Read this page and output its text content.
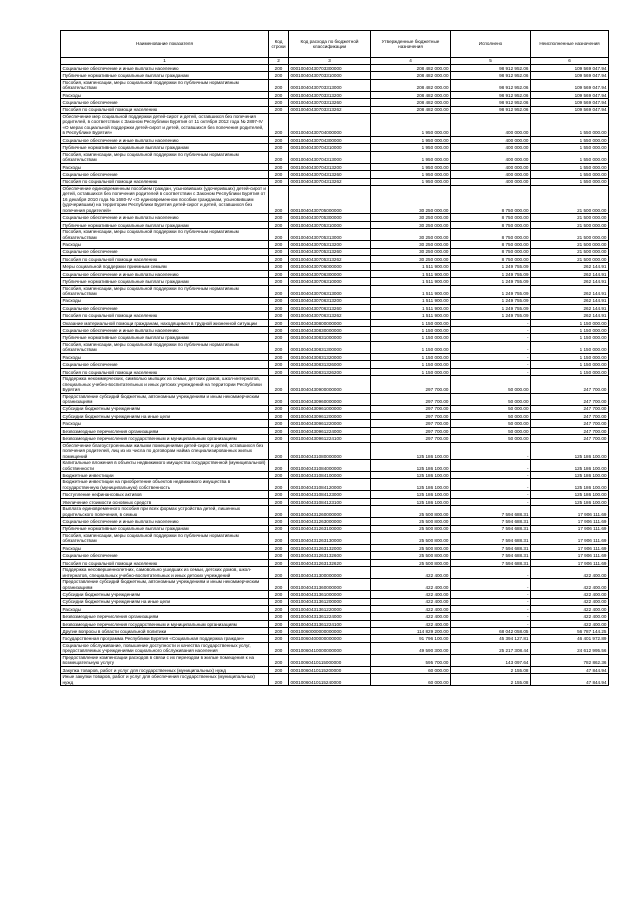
Наименование показателя	Код строки	Код расхода по бюджетной классификации	Утвержденные бюджетные назначения	Исполнено	Неисполненные назначения
1	2	3	4	5	6
Социальное обеспечение и иные выплаты населению	200	00010040430703300000	208 482 000.00	98 912 952.06	109 569 047.94
Публичные нормативные социальные выплаты гражданам	200	00010040430703310000	208 482 000.00	98 912 952.06	109 569 047.94
Пособия, компенсации, меры социальной поддержки по публичным нормативным обязательствам	200	00010040430703313000	208 482 000.00	98 912 952.06	109 569 047.94
Расходы	200	00010040430703313200	208 482 000.00	98 912 952.06	109 569 047.94
Социальное обеспечение	200	00010040430703313260	208 482 000.00	98 912 952.06	109 569 047.94
Пособия по социальной помощи населению	200	00010040430703313262	208 482 000.00	98 912 952.06	109 569 047.94
Обеспечение мер социальной поддержки детей-сирот и детей, оставшихся без попечения родителей, в соответствии с Законом Республики Бурятия от 11 октября 2012 года № 2897-IV «О мерах социальной поддержки детей-сирот и детей, оставшихся без попечения родителей, в Республике Бурятия»	200	00010040430704000000	1 950 000.00	400 000.00	1 550 000.00
Социальное обеспечение и иные выплаты населению	200	00010040430704300000	1 950 000.00	400 000.00	1 550 000.00
Публичные нормативные социальные выплаты гражданам	200	00010040430704310000	1 950 000.00	400 000.00	1 550 000.00
Пособия, компенсации, меры социальной поддержки по публичным нормативным обязательствам	200	00010040430704313000	1 950 000.00	400 000.00	1 550 000.00
Расходы	200	00010040430704313200	1 950 000.00	400 000.00	1 550 000.00
Социальное обеспечение	200	00010040430704313260	1 950 000.00	400 000.00	1 550 000.00
Пособия по социальной помощи населению	200	00010040430704313262	1 950 000.00	400 000.00	1 550 000.00
Обеспечение единовременным пособием граждан, усыновивших (удочеривших) детей-сирот и детей, оставшихся без попечения родителей в соответствии с Законом Республики Бурятия от 16 декабря 2010 года № 1680-IV «О единовременном пособии гражданам, усыновившим (удочерившим) на территории Республики Бурятия детей-сирот и детей, оставшихся без попечения родителей»	200	00010040430705000000	30 250 000.00	8 750 000.00	21 500 000.00
Социальное обеспечение и иные выплаты населению	200	00010040430705300000	30 250 000.00	8 750 000.00	21 500 000.00
Публичные нормативные социальные выплаты гражданам	200	00010040430705310000	30 250 000.00	8 750 000.00	21 500 000.00
Пособия, компенсации, меры социальной поддержки по публичным нормативным обязательствам	200	00010040430705313000	30 250 000.00	8 750 000.00	21 500 000.00
Расходы	200	00010040430705313200	30 250 000.00	8 750 000.00	21 500 000.00
Социальное обеспечение	200	00010040430705313260	30 250 000.00	8 750 000.00	21 500 000.00
Пособия по социальной помощи населению	200	00010040430705313262	30 250 000.00	8 750 000.00	21 500 000.00
Меры социальной поддержки приемным семьям	200	00010040430706000000	1 511 900.00	1 249 755.09	262 144.91
Социальное обеспечение и иные выплаты населению	200	00010040430706300000	1 511 900.00	1 249 755.09	262 144.91
Публичные нормативные социальные выплаты гражданам	200	00010040430706310000	1 511 900.00	1 249 755.09	262 144.91
Пособия, компенсации, меры социальной поддержки по публичным нормативным обязательствам	200	00010040430706313000	1 511 900.00	1 249 755.09	262 144.91
Расходы	200	00010040430706313200	1 511 900.00	1 249 755.09	262 144.91
Социальное обеспечение	200	00010040430706313260	1 511 900.00	1 249 755.09	262 144.91
Пособия по социальной помощи населению	200	00010040430706313262	1 511 900.00	1 249 755.09	262 144.91
Оказание материальной помощи гражданам, находящимся в трудной жизненной ситуации	200	00010040430800000000	1 150 000.00	-	1 150 000.00
Социальное обеспечение и иные выплаты населению	200	00010040430830000000	1 150 000.00	-	1 150 000.00
Публичные нормативные социальные выплаты гражданам	200	00010040430831000000	1 150 000.00	-	1 150 000.00
Пособия, компенсации, меры социальной поддержки по публичным нормативным обязательствам	200	00010040430831300000	1 150 000.00	-	1 150 000.00
Расходы	200	00010040430831320000	1 150 000.00	-	1 150 000.00
Социальное обеспечение	200	00010040430831326000	1 150 000.00	-	1 150 000.00
Пособия по социальной помощи населению	200	00010040430831326200	1 150 000.00	-	1 150 000.00
Поддержка некоммерческих, символью мыпщих из семьи, детских домов, школ-интернатов, специальных учебно-воспитательных и иных детских учреждений на территории Республики Бурятия	200	00010040430900000000	297 700.00	50 000.00	247 700.00
Предоставление субсидий бюджетным, автономным учреждениям и иным некоммерческим организациям	200	00010040430960000000	297 700.00	50 000.00	247 700.00
Субсидии бюджетным учреждениям	200	00010040430961000000	297 700.00	50 000.00	247 700.00
Субсидии бюджетным учреждениям на иные цели	200	00010040430961200000	297 700.00	50 000.00	247 700.00
Расходы	200	00010040430961220000	297 700.00	50 000.00	247 700.00
Безвозмездные перечисления организациям	200	00010040430961224000	297 700.00	50 000.00	247 700.00
Безвозмездные перечисления государственным и муниципальным организациям	200	00010040430961224100	297 700.00	50 000.00	247 700.00
Обеспечение благоустроенными жилыми помещениями детей-сирот и детей, оставшихся без попечения родителей, лиц из их числа по договорам найма специализированных жилых помещений	200	00010040431080000000	125 186 100.00	-	125 186 100.00
Капитальные вложения в объекты недвижимого имущества государственной (муниципальной) собственности	200	00010040431084000000	125 186 100.00	-	125 186 100.00
Бюджетные инвестиции	200	00010040431084100000	125 186 100.00	-	125 186 100.00
Бюджетные инвестиции на приобретение объектов недвижимого имущества в государственную (муниципальную) собственность	200	00010040431084120000	125 186 100.00	-	125 186 100.00
Поступление нефинансовых активов	200	00010040431084123000	125 186 100.00	-	125 186 100.00
Увеличение стоимости основных средств	200	00010040431084123100	125 186 100.00	-	125 186 100.00
Выплата единовременного пособия при всех формах устройства детей, лишенных родительского попечения, в семью	200	00010040431260000000	25 500 800.00	7 594 688.31	17 906 111.69
Социальное обеспечение и иные выплаты населению	200	00010040431263000000	25 500 800.00	7 594 688.31	17 906 111.69
Публичные нормативные социальные выплаты гражданам	200	00010040431263100000	25 500 800.00	7 594 688.31	17 906 111.69
Пособия, компенсации, меры социальной поддержки по публичным нормативным обязательствам	200	00010040431263130000	25 500 800.00	7 594 688.31	17 906 111.69
Расходы	200	00010040431263132000	25 500 800.00	7 594 688.31	17 906 111.69
Социальное обеспечение	200	00010040431263132600	25 500 800.00	7 594 688.31	17 906 111.69
Пособия по социальной помощи населению	200	00010040431263132620	25 500 800.00	7 594 688.31	17 906 111.69
Поддержка несовершеннолетних, самовольно ушедших из семьи, детских домов, школ-интернатов, специальных учебно-воспитательных и иных детских учреждений	200	00010040431300000000	422 400.00	-	422 400.00
Предоставление субсидий бюджетным, автономным учреждениям и иным некоммерческим организациям	200	00010040431360000000	422 400.00	-	422 400.00
Субсидии бюджетным учреждениям	200	00010040431361000000	422 400.00	-	422 400.00
Субсидии бюджетным учреждениям на иные цели	200	00010040431361200000	422 400.00	-	422 400.00
Расходы	200	00010040431361220000	422 400.00	-	422 400.00
Безвозмездные перечисления организациям	200	00010040431361224000	422 400.00	-	422 400.00
Безвозмездные перечисления государственным и муниципальным организациям	200	00010040431361224100	422 400.00	-	422 400.00
Другие вопросы в области социальной политики	200	00010060000000000000	114 829 200.00	68 042 058.05	56 787 144.25
Государственная программа Республики Бурятия «Социальная поддержка граждан»	200	00010060400000000000	91 796 100.00	45 394 127.81	46 401 972.89
Социальное обслуживание, повышение доступности и качества государственных услуг, предоставляемых учреждениями социального обслуживания населения	200	00010060410000000000	49 590 300.00	25 217 308.44	24 612 995.56
Предоставление компенсации расходов в связи с их переездом в жилые помещения к на возмещательную услугу	200	00010060410115000000	595 700.00	143 097.64	782 862.36
Закупка товаров, работ и услуг для государственных (муниципальных) нужд	200	00010060410115200000	60 000.00	2 155.08	47 844.94
Иные закупки товаров, работ и услуг для обеспечения государственных (муниципальных) нужд	200	00010060410115240000	60 000.00	2 155.08	47 844.94
